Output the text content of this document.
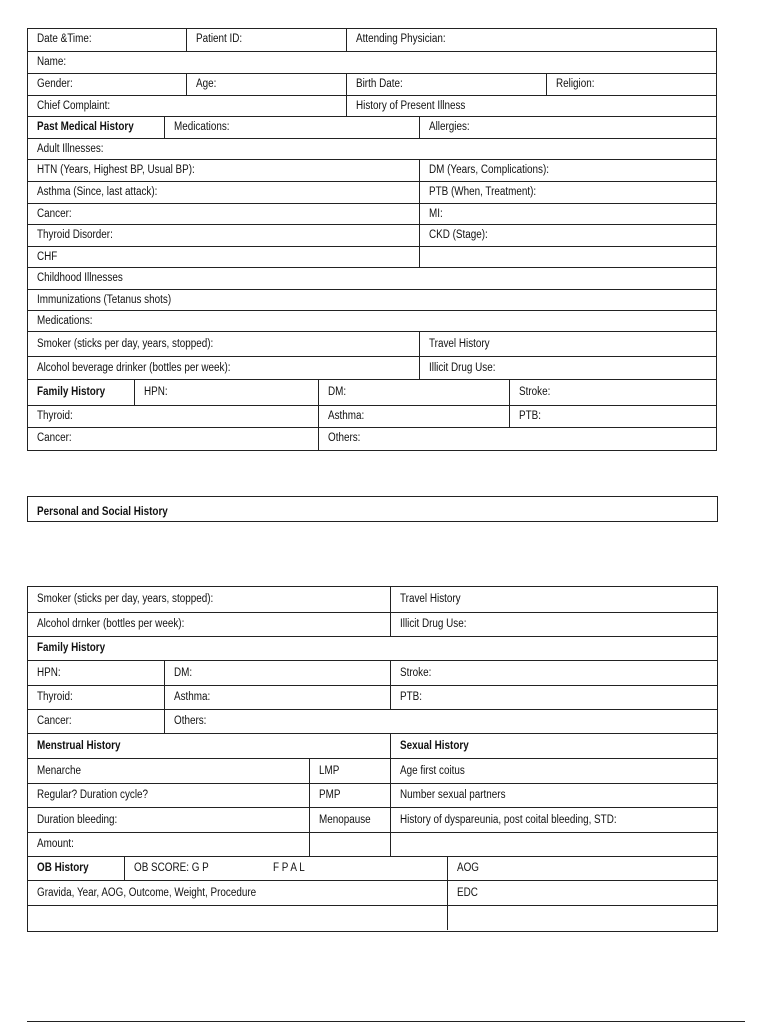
Date &Time:	Patient ID:	Attending Physician:
Name:
Gender:	Age:	Birth Date:	Religion:
Chief Complaint:	History of Present Illness
Past Medical History	Medications:	Allergies:
Adult Illnesses:
HTN (Years, Highest BP, Usual BP):	DM (Years, Complications):
Asthma (Since, last attack):	PTB (When, Treatment):
Cancer:	MI:
Thyroid Disorder:	CKD (Stage):
CHF
Childhood Illnesses
Immunizations (Tetanus shots)
Medications:
Smoker (sticks per day, years, stopped):	Travel History
Alcohol beverage drinker (bottles per week):	Illicit Drug Use:
Family History	HPN:	DM:	Stroke:
Thyroid:	Asthma:	PTB:
Cancer:	Others:
Personal and Social History
Smoker (sticks per day, years, stopped):	Travel History
Alcohol drnker (bottles per week):	Illicit Drug Use:
Family History
HPN:	DM:	Stroke:
Thyroid:	Asthma:	PTB:
Cancer:	Others:
Menstrual History	Sexual History
Menarche	LMP	Age first coitus
Regular? Duration cycle?	PMP	Number sexual partners
Duration bleeding:	Menopause	History of dyspareunia, post coital bleeding, STD:
Amount:
OB History	OB SCORE: G P	F P A L	AOG
Gravida, Year, AOG, Outcome, Weight, Procedure	EDC
